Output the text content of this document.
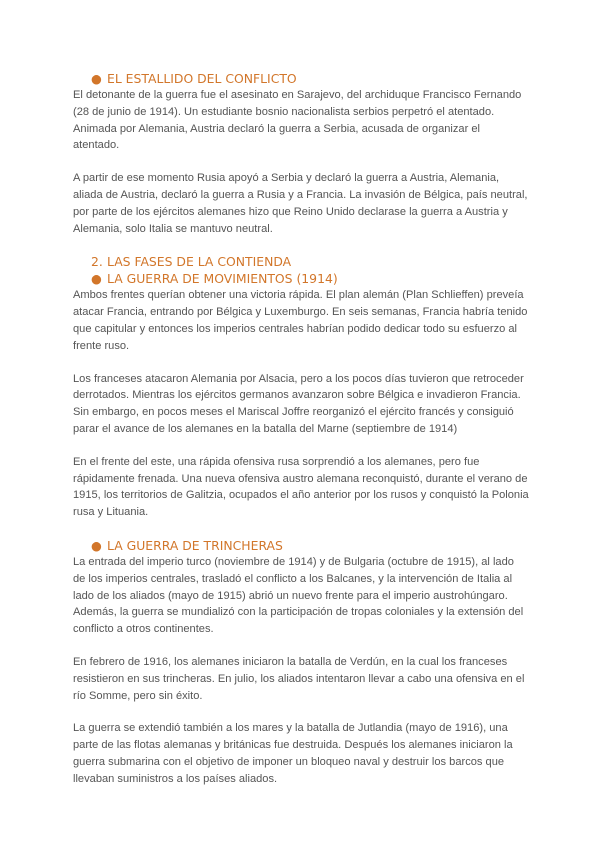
● EL ESTALLIDO DEL CONFLICTO

El detonante de la guerra fue el asesinato en Sarajevo, del archiduque Francisco Fernando (28 de junio de 1914). Un estudiante bosnio nacionalista serbios perpetró el atentado. Animada por Alemania, Austria declaró la guerra a Serbia, acusada de organizar el atentado.

A partir de ese momento Rusia apoyó a Serbia y declaró la guerra a Austria, Alemania, aliada de Austria, declaró la guerra a Rusia y a Francia. La invasión de Bélgica, país neutral, por parte de los ejércitos alemanes hizo que Reino Unido declarase la guerra a Austria y Alemania, solo Italia se mantuvo neutral.

2. LAS FASES DE LA CONTIENDA
● LA GUERRA DE MOVIMIENTOS (1914)

Ambos frentes querían obtener una victoria rápida. El plan alemán (Plan Schlieffen) preveía atacar Francia, entrando por Bélgica y Luxemburgo. En seis semanas, Francia habría tenido que capitular y entonces los imperios centrales habrían podido dedicar todo su esfuerzo al frente ruso.

Los franceses atacaron Alemania por Alsacia, pero a los pocos días tuvieron que retroceder derrotados. Mientras los ejércitos germanos avanzaron sobre Bélgica e invadieron Francia. Sin embargo, en pocos meses el Mariscal Joffre reorganizó el ejército francés y consiguió parar el avance de los alemanes en la batalla del Marne (septiembre de 1914)

En el frente del este, una rápida ofensiva rusa sorprendió a los alemanes, pero fue rápidamente frenada. Una nueva ofensiva austro alemana reconquistó, durante el verano de 1915, los territorios de Galitzia, ocupados el año anterior por los rusos y conquistó la Polonia rusa y Lituania.

● LA GUERRA DE TRINCHERAS

La entrada del imperio turco (noviembre de 1914) y de Bulgaria (octubre de 1915), al lado de los imperios centrales, trasladó el conflicto a los Balcanes, y la intervención de Italia al lado de los aliados (mayo de 1915) abrió un nuevo frente para el imperio austrohúngaro. Además, la guerra se mundializó con la participación de tropas coloniales y la extensión del conflicto a otros continentes.

En febrero de 1916, los alemanes iniciaron la batalla de Verdún, en la cual los franceses resistieron en sus trincheras. En julio, los aliados intentaron llevar a cabo una ofensiva en el río Somme, pero sin éxito.

La guerra se extendió también a los mares y la batalla de Jutlandia (mayo de 1916), una parte de las flotas alemanas y británicas fue destruida. Después los alemanes iniciaron la guerra submarina con el objetivo de imponer un bloqueo naval y destruir los barcos que llevaban suministros a los países aliados.
